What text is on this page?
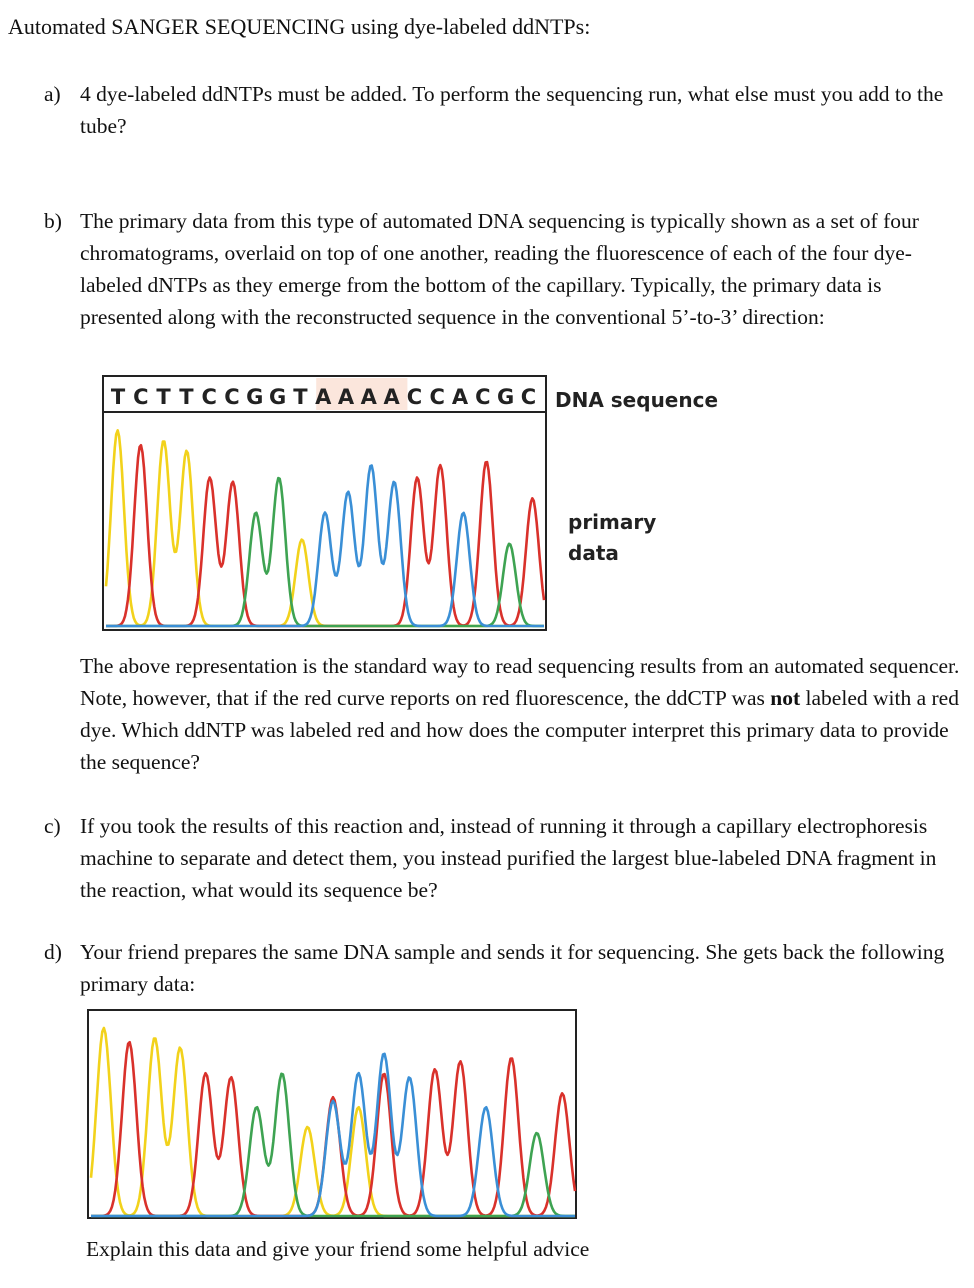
Automated SANGER SEQUENCING using dye-labeled ddNTPs:
a) 4 dye-labeled ddNTPs must be added. To perform the sequencing run, what else must you add to the tube?
b) The primary data from this type of automated DNA sequencing is typically shown as a set of four chromatograms, overlaid on top of one another, reading the fluorescence of each of the four dye-labeled dNTPs as they emerge from the bottom of the capillary. Typically, the primary data is presented along with the reconstructed sequence in the conventional 5’-to-3’ direction:
T C T T C C G G T A A A A C C A C G C DNA sequence
primary
data
The above representation is the standard way to read sequencing results from an automated sequencer. Note, however, that if the red curve reports on red fluorescence, the ddCTP was not labeled with a red dye. Which ddNTP was labeled red and how does the computer interpret this primary data to provide the sequence?
c) If you took the results of this reaction and, instead of running it through a capillary electrophoresis machine to separate and detect them, you instead purified the largest blue-labeled DNA fragment in the reaction, what would its sequence be?
d) Your friend prepares the same DNA sample and sends it for sequencing. She gets back the following primary data:
Explain this data and give your friend some helpful advice
